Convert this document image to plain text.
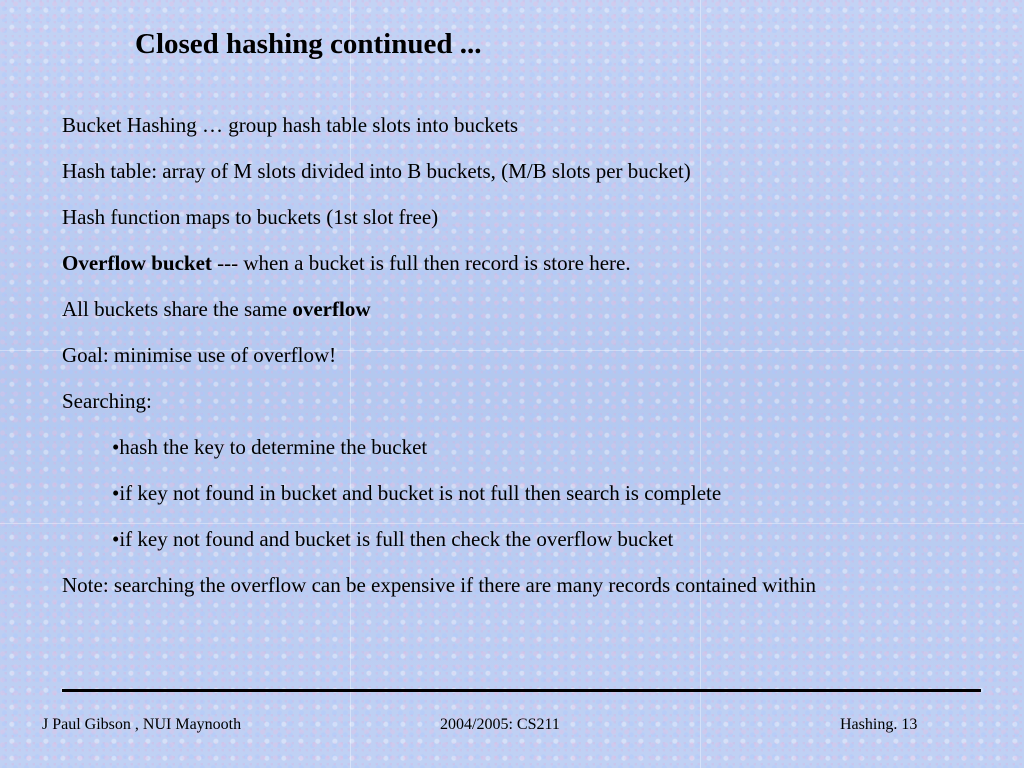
Closed hashing continued ...
Bucket Hashing … group hash table slots into buckets
Hash table: array of M slots divided into B buckets, (M/B slots per bucket)
Hash function maps to buckets (1st slot free)
Overflow bucket --- when a bucket is full then record is store here.
All buckets share the same overflow
Goal: minimise use of overflow!
Searching:
•hash the key to determine the bucket
•if key not found in bucket and bucket is not full then search is complete
•if key not found and bucket is full then check the overflow bucket
Note: searching the overflow can be expensive if there are many records contained within
J Paul Gibson , NUI Maynooth	2004/2005: CS211	Hashing. 13
